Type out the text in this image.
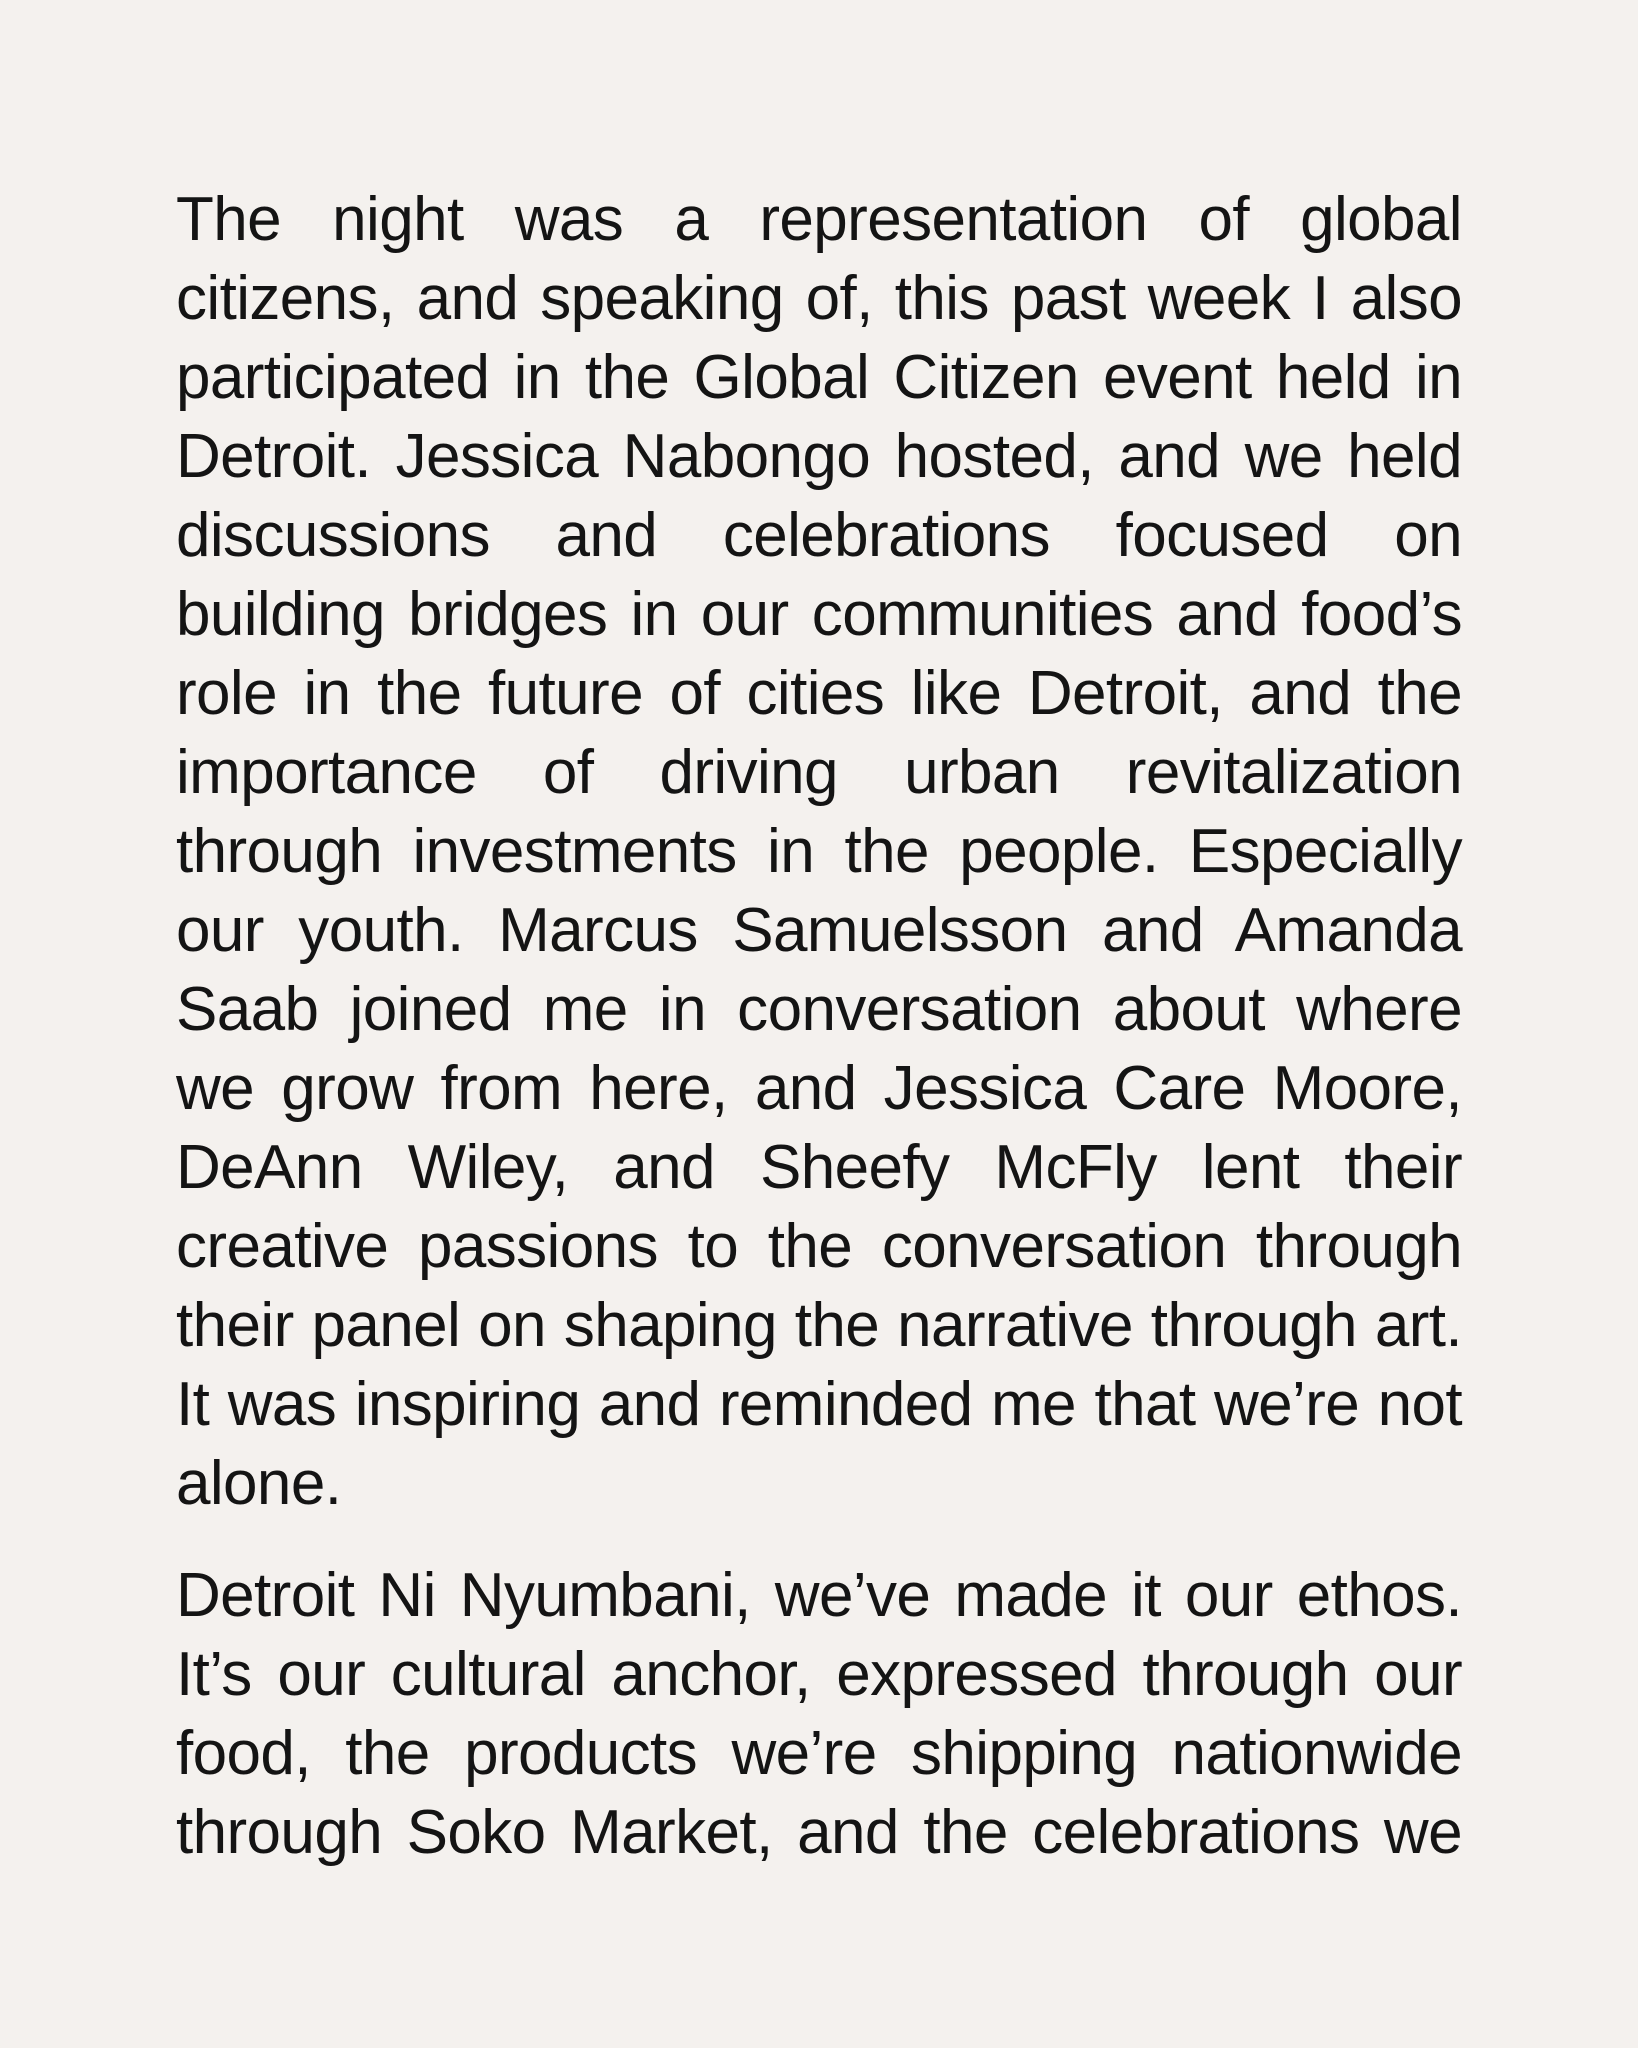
The night was a representation of global citizens, and speaking of, this past week I also participated in the Global Citizen event held in Detroit. Jessica Nabongo hosted, and we held discussions and celebrations focused on building bridges in our communities and food’s role in the future of cities like Detroit, and the importance of driving urban revitalization through investments in the people. Especially our youth. Marcus Samuelsson and Amanda Saab joined me in conversation about where we grow from here, and Jessica Care Moore, DeAnn Wiley, and Sheefy McFly lent their creative passions to the conversation through their panel on shaping the narrative through art. It was inspiring and reminded me that we’re not alone.

Detroit Ni Nyumbani, we’ve made it our ethos. It’s our cultural anchor, expressed through our food, the products we’re shipping nationwide through Soko Market, and the celebrations we
